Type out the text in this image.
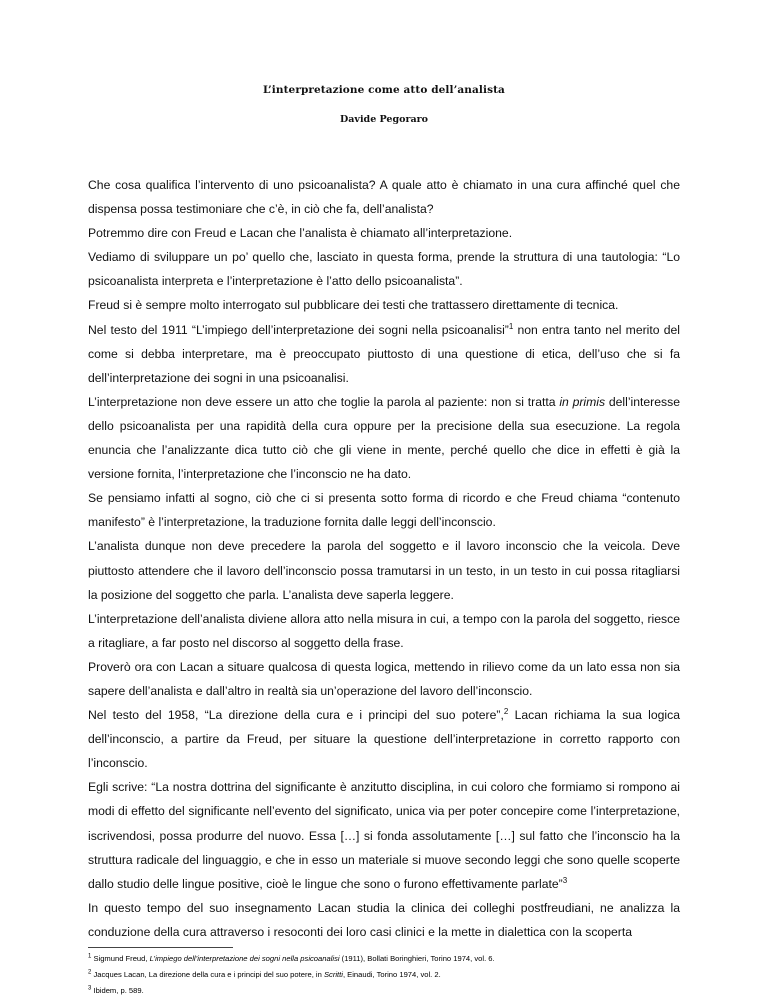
L’interpretazione come atto dell’analista
Davide Pegoraro

Che cosa qualifica l’intervento di uno psicoanalista? A quale atto è chiamato in una cura affinché quel che dispensa possa testimoniare che c’è, in ciò che fa, dell’analista?

Potremmo dire con Freud e Lacan che l’analista è chiamato all’interpretazione.

Vediamo di sviluppare un po’ quello che, lasciato in questa forma, prende la struttura di una tautologia: “Lo psicoanalista interpreta e l’interpretazione è l’atto dello psicoanalista”.

Freud si è sempre molto interrogato sul pubblicare dei testi che trattassero direttamente di tecnica.

Nel testo del 1911 “L’impiego dell’interpretazione dei sogni nella psicoanalisi”$^1$ non entra tanto nel merito del come si debba interpretare, ma è preoccupato piuttosto di una questione di etica, dell’uso che si fa dell’interpretazione dei sogni in una psicoanalisi.

L’interpretazione non deve essere un atto che toglie la parola al paziente: non si tratta in primis dell’interesse dello psicoanalista per una rapidità della cura oppure per la precisione della sua esecuzione. La regola enuncia che l’analizzante dica tutto ciò che gli viene in mente, perché quello che dice in effetti è già la versione fornita, l’interpretazione che l’inconscio ne ha dato.

Se pensiamo infatti al sogno, ciò che ci si presenta sotto forma di ricordo e che Freud chiama “contenuto manifesto” è l’interpretazione, la traduzione fornita dalle leggi dell’inconscio.

L’analista dunque non deve precedere la parola del soggetto e il lavoro inconscio che la veicola. Deve piuttosto attendere che il lavoro dell’inconscio possa tramutarsi in un testo, in un testo in cui possa ritagliarsi la posizione del soggetto che parla. L’analista deve saperla leggere.

L’interpretazione dell’analista diviene allora atto nella misura in cui, a tempo con la parola del soggetto, riesce a ritagliare, a far posto nel discorso al soggetto della frase.

Proverò ora con Lacan a situare qualcosa di questa logica, mettendo in rilievo come da un lato essa non sia sapere dell’analista e dall’altro in realtà sia un’operazione del lavoro dell’inconscio.

Nel testo del 1958, “La direzione della cura e i principi del suo potere”,$^2$ Lacan richiama la sua logica dell’inconscio, a partire da Freud, per situare la questione dell’interpretazione in corretto rapporto con l’inconscio.

Egli scrive: “La nostra dottrina del significante è anzitutto disciplina, in cui coloro che formiamo si rompono ai modi di effetto del significante nell’evento del significato, unica via per poter concepire come l’interpretazione, iscrivendosi, possa produrre del nuovo. Essa […] si fonda assolutamente […] sul fatto che l’inconscio ha la struttura radicale del linguaggio, e che in esso un materiale si muove secondo leggi che sono quelle scoperte dallo studio delle lingue positive, cioè le lingue che sono o furono effettivamente parlate”$^3$

In questo tempo del suo insegnamento Lacan studia la clinica dei colleghi postfreudiani, ne analizza la conduzione della cura attraverso i resoconti dei loro casi clinici e la mette in dialettica con la scoperta

$^1$ Sigmund Freud, L’impiego dell’interpretazione dei sogni nella psicoanalisi (1911), Bollati Boringhieri, Torino 1974, vol. 6.

$^2$ Jacques Lacan, La direzione della cura e i principi del suo potere, in Scritti, Einaudi, Torino 1974, vol. 2.

$^3$ Ibidem, p. 589.
